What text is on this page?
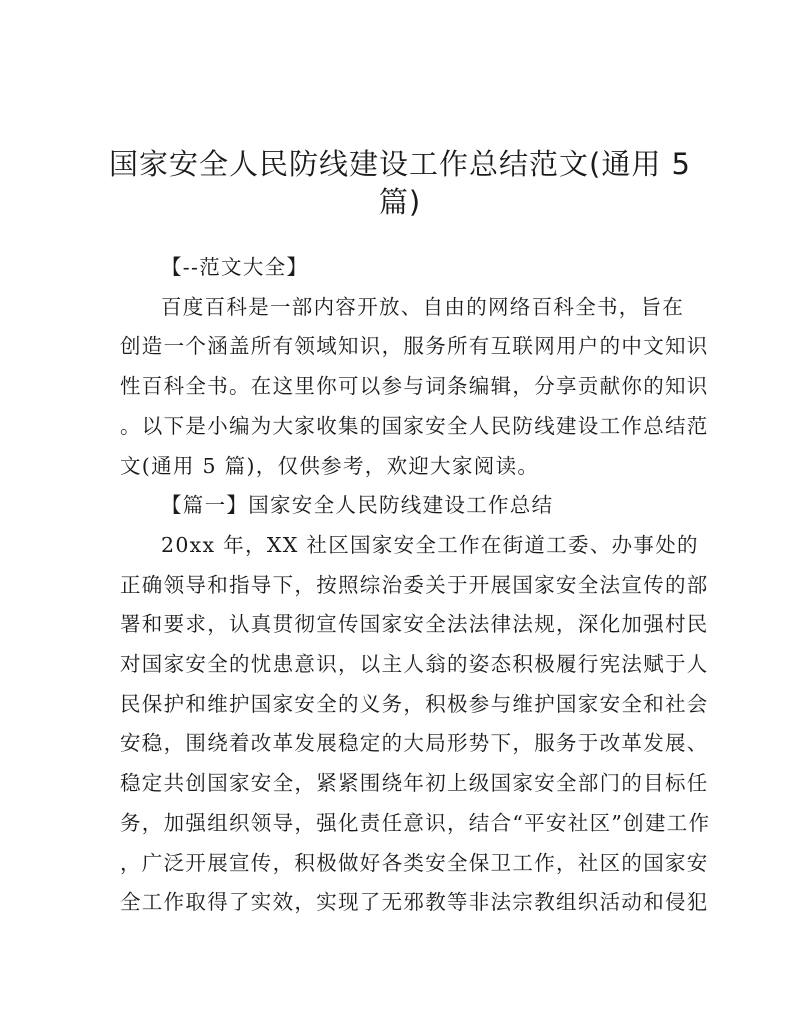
国家安全人民防线建设工作总结范文(通用 5
篇)
【--范文大全】
百度百科是一部内容开放、自由的网络百科全书，旨在
创造一个涵盖所有领域知识，服务所有互联网用户的中文知识
性百科全书。在这里你可以参与词条编辑，分享贡献你的知识
。以下是小编为大家收集的国家安全人民防线建设工作总结范
文(通用 5 篇)，仅供参考，欢迎大家阅读。
【篇一】国家安全人民防线建设工作总结
20xx 年，XX 社区国家安全工作在街道工委、办事处的
正确领导和指导下，按照综治委关于开展国家安全法宣传的部
署和要求，认真贯彻宣传国家安全法法律法规，深化加强村民
对国家安全的忧患意识，以主人翁的姿态积极履行宪法赋于人
民保护和维护国家安全的义务，积极参与维护国家安全和社会
安稳，围绕着改革发展稳定的大局形势下，服务于改革发展、
稳定共创国家安全，紧紧围绕年初上级国家安全部门的目标任
务，加强组织领导，强化责任意识，结合“平安社区”创建工作
，广泛开展宣传，积极做好各类安全保卫工作，社区的国家安
全工作取得了实效，实现了无邪教等非法宗教组织活动和侵犯
